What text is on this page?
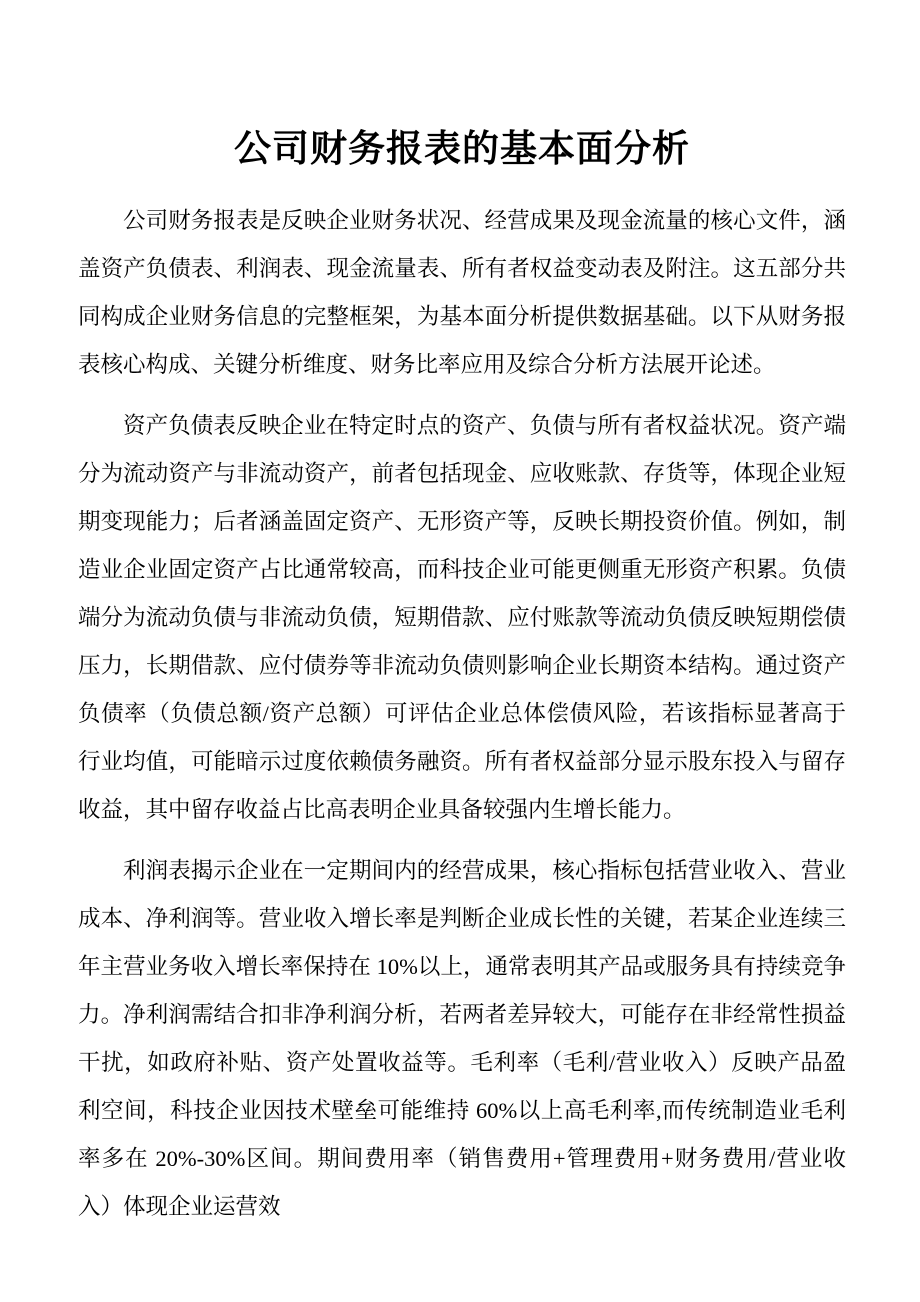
公司财务报表的基本面分析

公司财务报表是反映企业财务状况、经营成果及现金流量的核心文件，涵盖资产负债表、利润表、现金流量表、所有者权益变动表及附注。这五部分共同构成企业财务信息的完整框架，为基本面分析提供数据基础。以下从财务报表核心构成、关键分析维度、财务比率应用及综合分析方法展开论述。

资产负债表反映企业在特定时点的资产、负债与所有者权益状况。资产端分为流动资产与非流动资产，前者包括现金、应收账款、存货等，体现企业短期变现能力；后者涵盖固定资产、无形资产等，反映长期投资价值。例如，制造业企业固定资产占比通常较高，而科技企业可能更侧重无形资产积累。负债端分为流动负债与非流动负债，短期借款、应付账款等流动负债反映短期偿债压力，长期借款、应付债券等非流动负债则影响企业长期资本结构。通过资产负债率（负债总额/资产总额）可评估企业总体偿债风险，若该指标显著高于行业均值，可能暗示过度依赖债务融资。所有者权益部分显示股东投入与留存收益，其中留存收益占比高表明企业具备较强内生增长能力。

利润表揭示企业在一定期间内的经营成果，核心指标包括营业收入、营业成本、净利润等。营业收入增长率是判断企业成长性的关键，若某企业连续三年主营业务收入增长率保持在 10%以上，通常表明其产品或服务具有持续竞争力。净利润需结合扣非净利润分析，若两者差异较大，可能存在非经常性损益干扰，如政府补贴、资产处置收益等。毛利率（毛利/营业收入）反映产品盈利空间，科技企业因技术壁垒可能维持 60%以上高毛利率,而传统制造业毛利率多在 20%-30%区间。期间费用率（销售费用+管理费用+财务费用/营业收入）体现企业运营效
